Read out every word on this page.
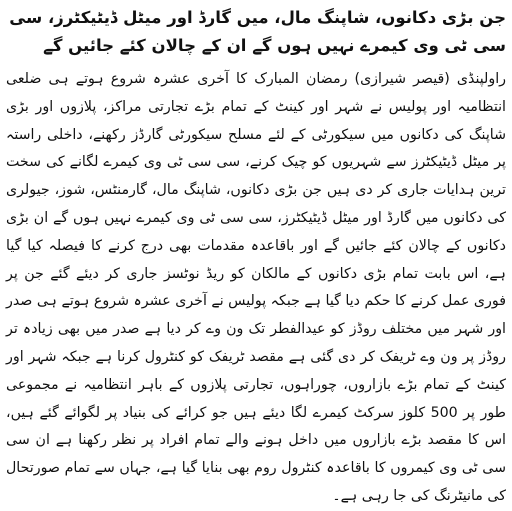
جن بڑی دکانوں، شاپنگ مال، میں گارڈ اور میٹل ڈیٹیکٹرز، سی سی ٹی وی کیمرے نہیں ہوں گے ان کے چالان کئے جائیں گے

راولپنڈی (قیصر شیرازی) رمضان المبارک کا آخری عشرہ شروع ہوتے ہی ضلعی انتظامیہ اور پولیس نے شہر اور کینٹ کے تمام بڑے تجارتی مراکز، پلازوں اور بڑی شاپنگ کی دکانوں میں سیکورٹی کے لئے مسلح سیکورٹی گارڈز رکھنے، داخلی راستہ پر میٹل ڈیٹیکٹرز سے شہریوں کو چیک کرنے، سی سی ٹی وی کیمرے لگانے کی سخت ترین ہدایات جاری کر دی ہیں جن بڑی دکانوں، شاپنگ مال، گارمنٹس، شوز، جیولری کی دکانوں میں گارڈ اور میٹل ڈیٹیکٹرز، سی سی ٹی وی کیمرے نہیں ہوں گے ان بڑی دکانوں کے چالان کئے جائیں گے اور باقاعدہ مقدمات بھی درج کرنے کا فیصلہ کیا گیا ہے، اس بابت تمام بڑی دکانوں کے مالکان کو ریڈ نوٹسز جاری کر دیئے گئے جن پر فوری عمل کرنے کا حکم دیا گیا ہے جبکہ پولیس نے آخری عشرہ شروع ہوتے ہی صدر اور شہر میں مختلف روڈز کو عیدالفطر تک ون وے کر دیا ہے صدر میں بھی زیادہ تر روڈز پر ون وے ٹریفک کر دی گئی ہے مقصد ٹریفک کو کنٹرول کرنا ہے جبکہ شہر اور کینٹ کے تمام بڑے بازاروں، چوراہوں، تجارتی پلازوں کے باہر انتظامیہ نے مجموعی طور پر 500 کلوز سرکٹ کیمرے لگا دیئے ہیں جو کرائے کی بنیاد پر لگوائے گئے ہیں، اس کا مقصد بڑے بازاروں میں داخل ہونے والے تمام افراد پر نظر رکھنا ہے ان سی سی ٹی وی کیمروں کا باقاعدہ کنٹرول روم بھی بنایا گیا ہے، جہاں سے تمام صورتحال کی مانیٹرنگ کی جا رہی ہے۔
